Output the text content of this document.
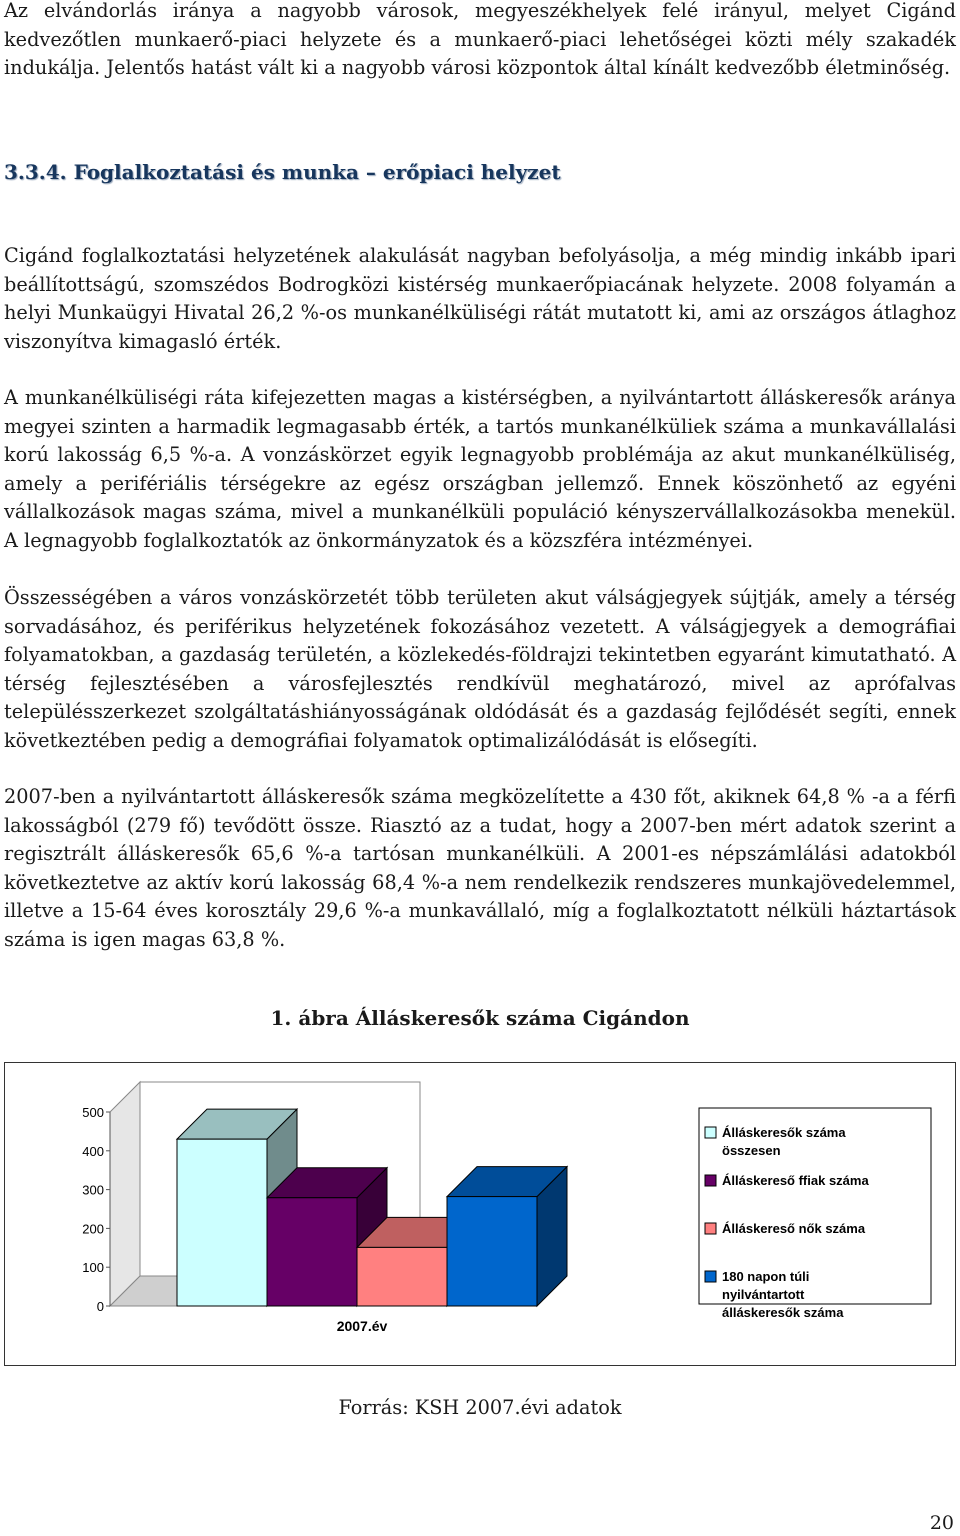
Az elvándorlás iránya a nagyobb városok, megyeszékhelyek felé irányul, melyet Cigánd kedvezőtlen munkaerő-piaci helyzete és a munkaerő-piaci lehetőségei közti mély szakadék indukálja. Jelentős hatást vált ki a nagyobb városi központok által kínált kedvezőbb életminőség.

3.3.4. Foglalkoztatási és munka – erőpiaci helyzet

Cigánd foglalkoztatási helyzetének alakulását nagyban befolyásolja, a még mindig inkább ipari beállítottságú, szomszédos Bodrogközi kistérség munkaerőpiacának helyzete. 2008 folyamán a helyi Munkaügyi Hivatal 26,2 %-os munkanélküliségi rátát mutatott ki, ami az országos átlaghoz viszonyítva kimagasló érték.

A munkanélküliségi ráta kifejezetten magas a kistérségben, a nyilvántartott álláskeresők aránya megyei szinten a harmadik legmagasabb érték, a tartós munkanélküliek száma a munkavállalási korú lakosság 6,5 %-a. A vonzáskörzet egyik legnagyobb problémája az akut munkanélküliség, amely a perifériális térségekre az egész országban jellemző. Ennek köszönhető az egyéni vállalkozások magas száma, mivel a munkanélküli populáció kényszervállalkozásokba menekül. A legnagyobb foglalkoztatók az önkormányzatok és a közszféra intézményei.

Összességében a város vonzáskörzetét több területen akut válságjegyek sújtják, amely a térség sorvadásához, és periférikus helyzetének fokozásához vezetett. A válságjegyek a demográfiai folyamatokban, a gazdaság területén, a közlekedés-földrajzi tekintetben egyaránt kimutatható. A térség fejlesztésében a városfejlesztés rendkívül meghatározó, mivel az aprófalvas településszerkezet szolgáltatáshiányosságának oldódását és a gazdaság fejlődését segíti, ennek következtében pedig a demográfiai folyamatok optimalizálódását is elősegíti.

2007-ben a nyilvántartott álláskeresők száma megközelítette a 430 főt, akiknek 64,8 % -a a férfi lakosságból (279 fő) tevődött össze. Riasztó az a tudat, hogy a 2007-ben mért adatok szerint a regisztrált álláskeresők 65,6 %-a tartósan munkanélküli. A 2001-es népszámlálási adatokból következtetve az aktív korú lakosság 68,4 %-a nem rendelkezik rendszeres munkajövedelemmel, illetve a 15-64 éves korosztály 29,6 %-a munkavállaló, míg a foglalkoztatott nélküli háztartások száma is igen magas 63,8 %.

1. ábra Álláskeresők száma Cigándon

0
100
200
300
400
500
2007.év
Álláskeresők száma
összesen
Álláskereső ffiak száma
Álláskereső nők száma
180 napon túli
nyilvántartott
álláskeresők száma

Forrás: KSH 2007.évi adatok

20
